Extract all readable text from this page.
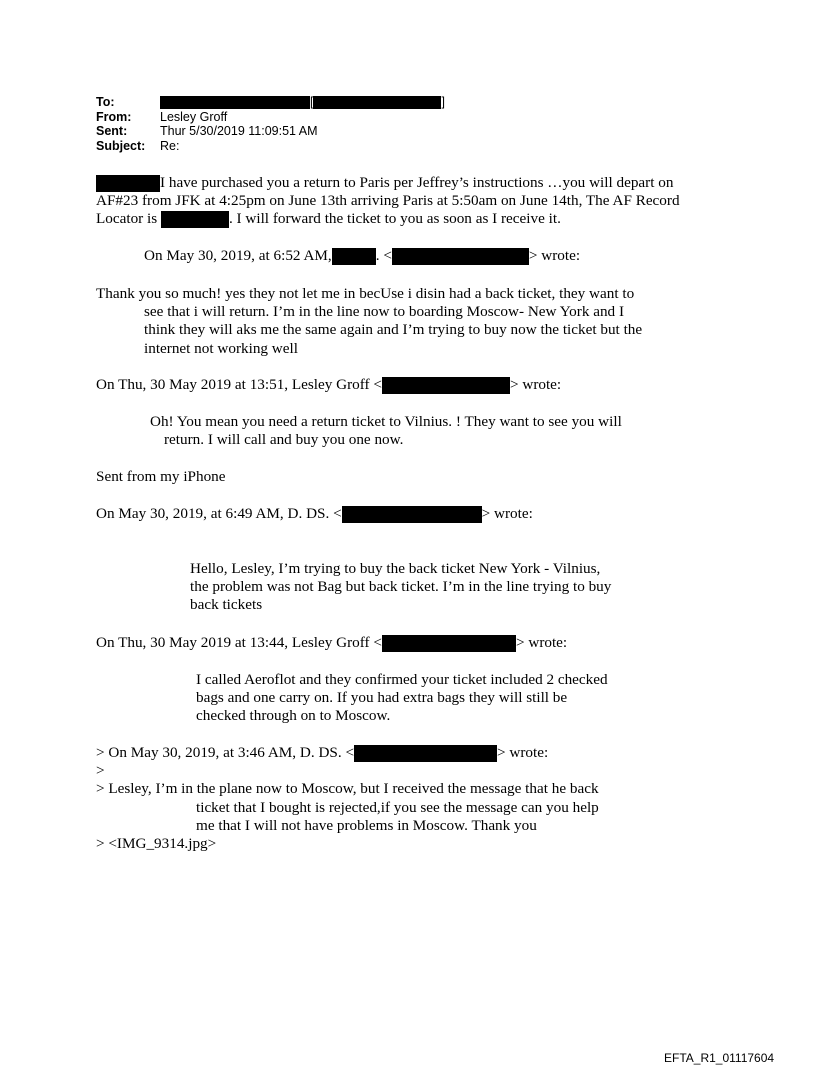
To:	[	]
From:	Lesley Groff
Sent:	Thur 5/30/2019 11:09:51 AM
Subject:	Re:
I have purchased you a return to Paris per Jeffrey’s instructions …you will depart on
AF#23 from JFK at 4:25pm on June 13th arriving Paris at 5:50am on June 14th, The AF Record
Locator is	. I will forward the ticket to you as soon as I receive it.
On May 30, 2019, at 6:52 AM,	. <	> wrote:
Thank you so much! yes they not let me in becUse i disin had a back ticket, they want to
see that i will return. I’m in the line now to boarding Moscow- New York and I
think they will aks me the same again and I’m trying to buy now the ticket but the
internet not working well
On Thu, 30 May 2019 at 13:51, Lesley Groff <	> wrote:
Oh! You mean you need a return ticket to Vilnius. ! They want to see you will
return. I will call and buy you one now.
Sent from my iPhone
On May 30, 2019, at 6:49 AM, D. DS. <	> wrote:
Hello, Lesley, I’m trying to buy the back ticket New York - Vilnius,
the problem was not Bag but back ticket. I’m in the line trying to buy
back tickets
On Thu, 30 May 2019 at 13:44, Lesley Groff <	> wrote:
I called Aeroflot and they confirmed your ticket included 2 checked
bags and one carry on. If you had extra bags they will still be
checked through on to Moscow.
> On May 30, 2019, at 3:46 AM, D. DS. <	> wrote:
>
> Lesley, I’m in the plane now to Moscow, but I received the message that he back
ticket that I bought is rejected,if you see the message can you help
me that I will not have problems in Moscow. Thank you
> <IMG_9314.jpg>
EFTA_R1_01117604
